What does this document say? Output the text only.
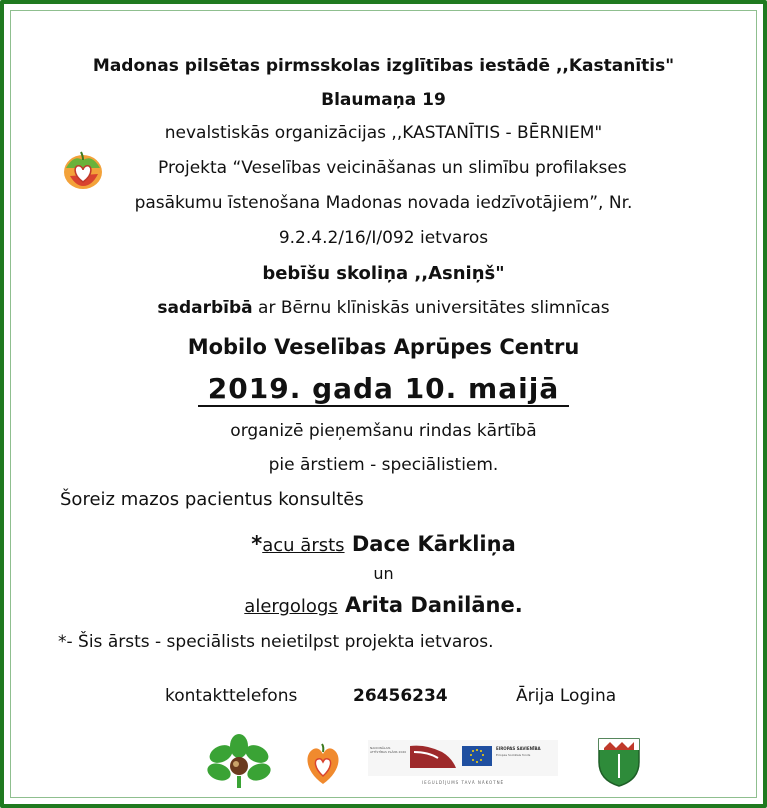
Madonas pilsētas pirmsskolas izglītības iestādē ,,Kastanītis"
Blaumaņa 19
nevalstiskās organizācijas ,,KASTANĪTIS - BĒRNIEM"
Projekta “Veselības veicināšanas un slimību profilakses
pasākumu īstenošana Madonas novada iedzīvotājiem”, Nr.
9.2.4.2/16/I/092 ietvaros
bebīšu skoliņa ,,Asniņš"
sadarbībā ar Bērnu klīniskās universitātes slimnīcas
Mobilo Veselības Aprūpes Centru
2019. gada 10. maijā
organizē pieņemšanu rindas kārtībā
pie ārstiem - speciālistiem.
Šoreiz mazos pacientus konsultēs
*acu ārsts Dace Kārkliņa
un
alergologs Arita Danilāne.
*- Šis ārsts - speciālists neietilpst projekta ietvaros.
kontakttelefons	26456234	Ārija Logina
NACIONĀLAIS ATTĪSTĪBAS PLĀNS 2020
EIROPAS SAVIENĪBA
Eiropas Sociālais fonds
IEGULDĪJUMS TAVĀ NĀKOTNĒ
